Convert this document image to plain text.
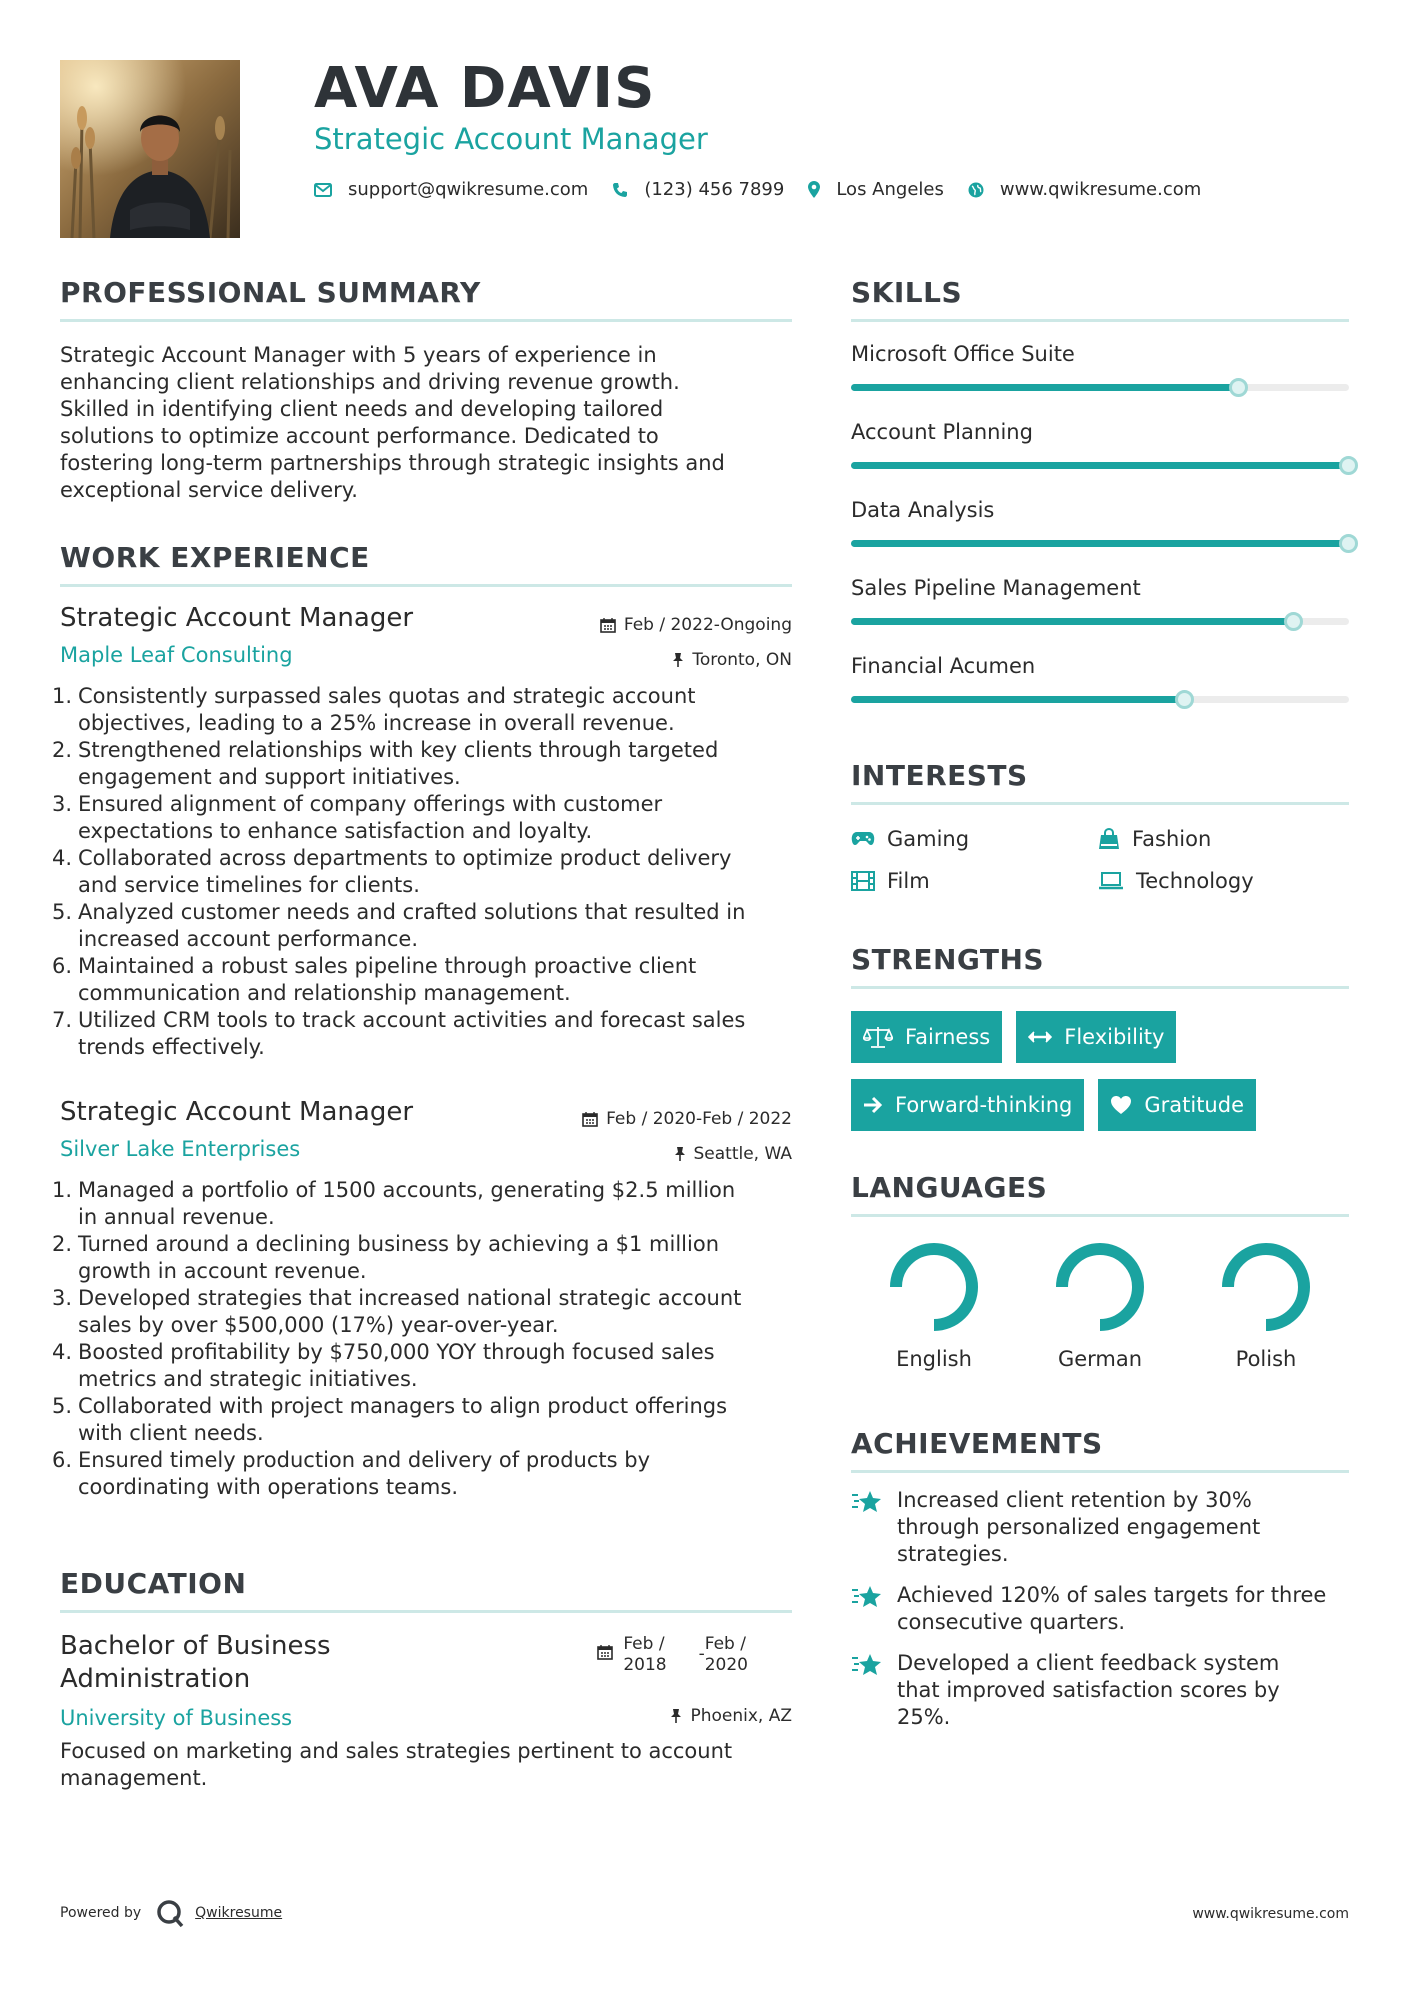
AVA DAVIS
Strategic Account Manager
support@qwikresume.com	(123) 456 7899	Los Angeles	www.qwikresume.com
PROFESSIONAL SUMMARY
Strategic Account Manager with 5 years of experience in
enhancing client relationships and driving revenue growth.
Skilled in identifying client needs and developing tailored
solutions to optimize account performance. Dedicated to
fostering long-term partnerships through strategic insights and
exceptional service delivery.
WORK EXPERIENCE
Strategic Account Manager	Feb / 2022-Ongoing
Maple Leaf Consulting	Toronto, ON
1. Consistently surpassed sales quotas and strategic account
objectives, leading to a 25% increase in overall revenue.
2. Strengthened relationships with key clients through targeted
engagement and support initiatives.
3. Ensured alignment of company offerings with customer
expectations to enhance satisfaction and loyalty.
4. Collaborated across departments to optimize product delivery
and service timelines for clients.
5. Analyzed customer needs and crafted solutions that resulted in
increased account performance.
6. Maintained a robust sales pipeline through proactive client
communication and relationship management.
7. Utilized CRM tools to track account activities and forecast sales
trends effectively.
Strategic Account Manager	Feb / 2020-Feb / 2022
Silver Lake Enterprises	Seattle, WA
1. Managed a portfolio of 1500 accounts, generating $2.5 million
in annual revenue.
2. Turned around a declining business by achieving a $1 million
growth in account revenue.
3. Developed strategies that increased national strategic account
sales by over $500,000 (17%) year-over-year.
4. Boosted profitability by $750,000 YOY through focused sales
metrics and strategic initiatives.
5. Collaborated with project managers to align product offerings
with client needs.
6. Ensured timely production and delivery of products by
coordinating with operations teams.
EDUCATION
Bachelor of Business
Administration
Feb /
2018
- Feb /
2020
University of Business	Phoenix, AZ
Focused on marketing and sales strategies pertinent to account
management.
SKILLS
Microsoft Office Suite
Account Planning
Data Analysis
Sales Pipeline Management
Financial Acumen
INTERESTS
Gaming	Fashion
Film	Technology
STRENGTHS
Fairness	Flexibility
Forward-thinking	Gratitude
LANGUAGES
English	German	Polish
ACHIEVEMENTS
Increased client retention by 30%
through personalized engagement
strategies.
Achieved 120% of sales targets for three
consecutive quarters.
Developed a client feedback system
that improved satisfaction scores by
25%.
Powered by	Qwikresume	www.qwikresume.com
